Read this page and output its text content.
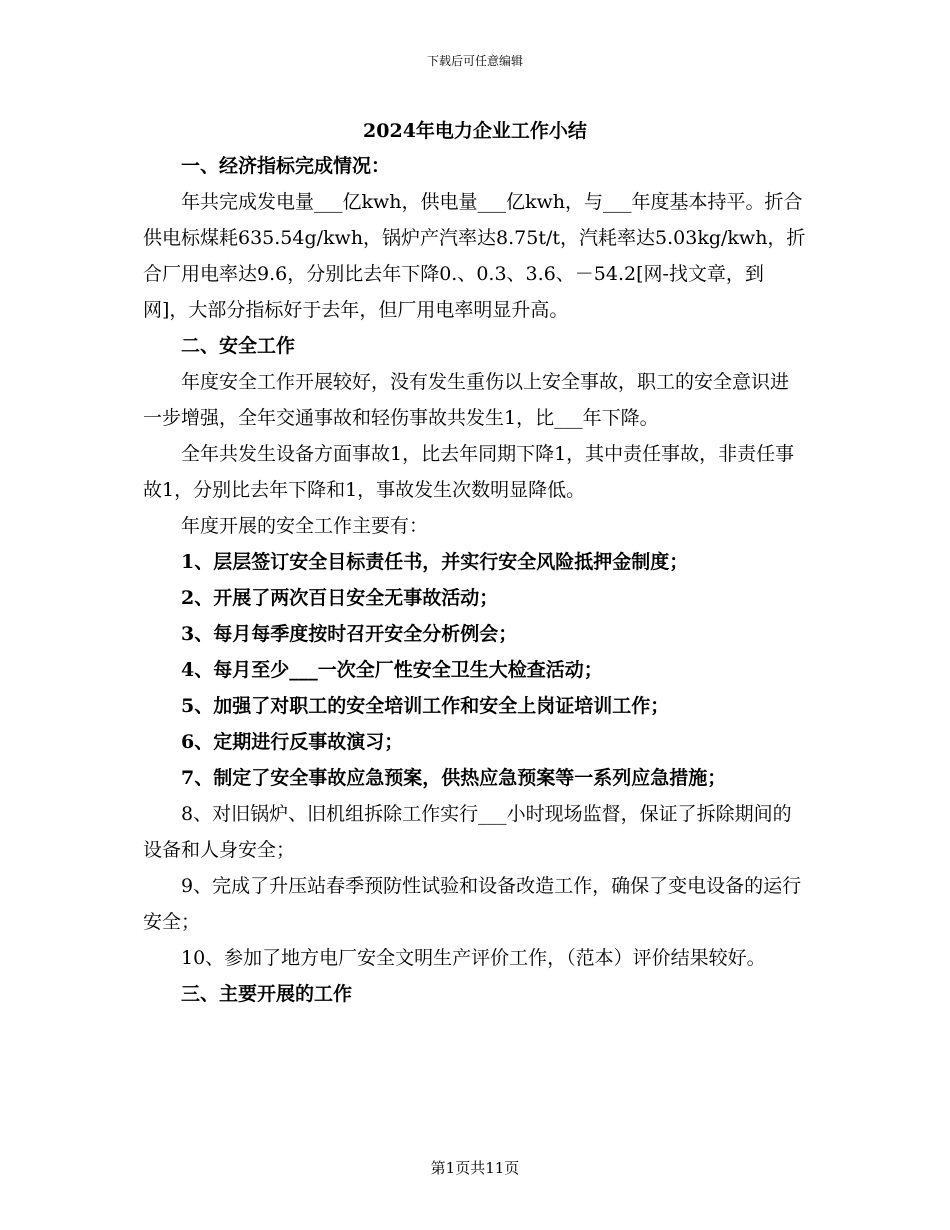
下载后可任意编辑
2024年电力企业工作小结

一、经济指标完成情况：

年共完成发电量___亿kwh，供电量___亿kwh，与___年度基本持平。折合供电标煤耗635.54g/kwh，锅炉产汽率达8.75t/t，汽耗率达5.03kg/kwh，折合厂用电率达9.6，分别比去年下降0.、0.3、3.6、－54.2[网-找文章，到网]，大部分指标好于去年，但厂用电率明显升高。

二、安全工作

年度安全工作开展较好，没有发生重伤以上安全事故，职工的安全意识进一步增强，全年交通事故和轻伤事故共发生1，比___年下降。

全年共发生设备方面事故1，比去年同期下降1，其中责任事故，非责任事故1，分别比去年下降和1，事故发生次数明显降低。

年度开展的安全工作主要有：

1、层层签订安全目标责任书，并实行安全风险抵押金制度；

2、开展了两次百日安全无事故活动；

3、每月每季度按时召开安全分析例会；

4、每月至少___一次全厂性安全卫生大检查活动；

5、加强了对职工的安全培训工作和安全上岗证培训工作；

6、定期进行反事故演习；

7、制定了安全事故应急预案，供热应急预案等一系列应急措施；

8、对旧锅炉、旧机组拆除工作实行___小时现场监督，保证了拆除期间的设备和人身安全；

9、完成了升压站春季预防性试验和设备改造工作，确保了变电设备的运行安全；

10、参加了地方电厂安全文明生产评价工作，（范本）评价结果较好。

三、主要开展的工作

第1页共11页
